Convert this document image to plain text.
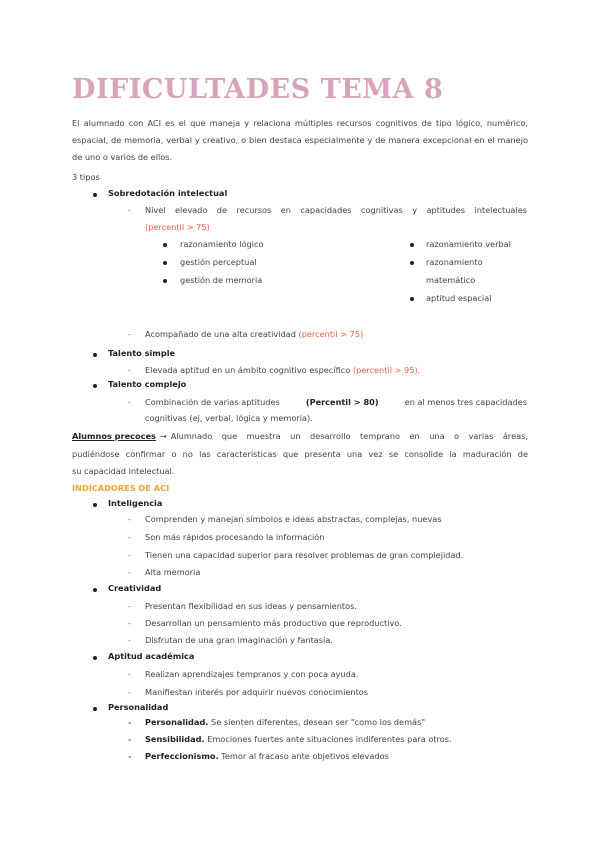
DIFICULTADES TEMA 8
El alumnado con ACI es el que maneja y relaciona múltiples recursos cognitivos de tipo lógico, numérico, espacial, de memoria, verbal y creativo, o bien destaca especialmente y de manera excepcional en el manejo de uno o varios de ellos.
3 tipos
Sobredotación intelectual
- Nivel elevado de recursos en capacidades cognitivas y aptitudes intelectuales
(percentil > 75)
razonamiento lógico
gestión perceptual
gestión de memoria
razonamiento verbal
razonamiento
matemático
aptitud espacial
- Acompañado de una alta creatividad (percentil > 75)
Talento simple
- Elevada aptitud en un ámbito cognitivo específico (percentil > 95).
Talento complejo
- Combinación de varias aptitudes	(Percentil > 80)	en al menos tres capacidades
cognitivas (ej, verbal, lógica y memoria).
Alumnos precoces → Alumnado que muestra un desarrollo temprano en una o varias áreas,
pudiéndose confirmar o no las características que presenta una vez se consolide la maduración de
su capacidad intelectual.
INDICADORES DE ACI
Inteligencia
- Comprenden y manejan símbolos e ideas abstractas, complejas, nuevas
- Son más rápidos procesando la información
- Tienen una capacidad superior para resolver problemas de gran complejidad.
- Alta memoria
Creatividad
- Presentan flexibilidad en sus ideas y pensamientos.
- Desarrollan un pensamiento más productivo que reproductivo.
- Disfrutan de una gran imaginación y fantasía.
Aptitud académica
- Realizan aprendizajes tempranos y con poca ayuda.
- Manifiestan interés por adquirir nuevos conocimientos
Personalidad
- Personalidad. Se sienten diferentes, desean ser "como los demás"
- Sensibilidad. Emociones fuertes ante situaciones indiferentes para otros.
- Perfeccionismo. Temor al fracaso ante objetivos elevados
